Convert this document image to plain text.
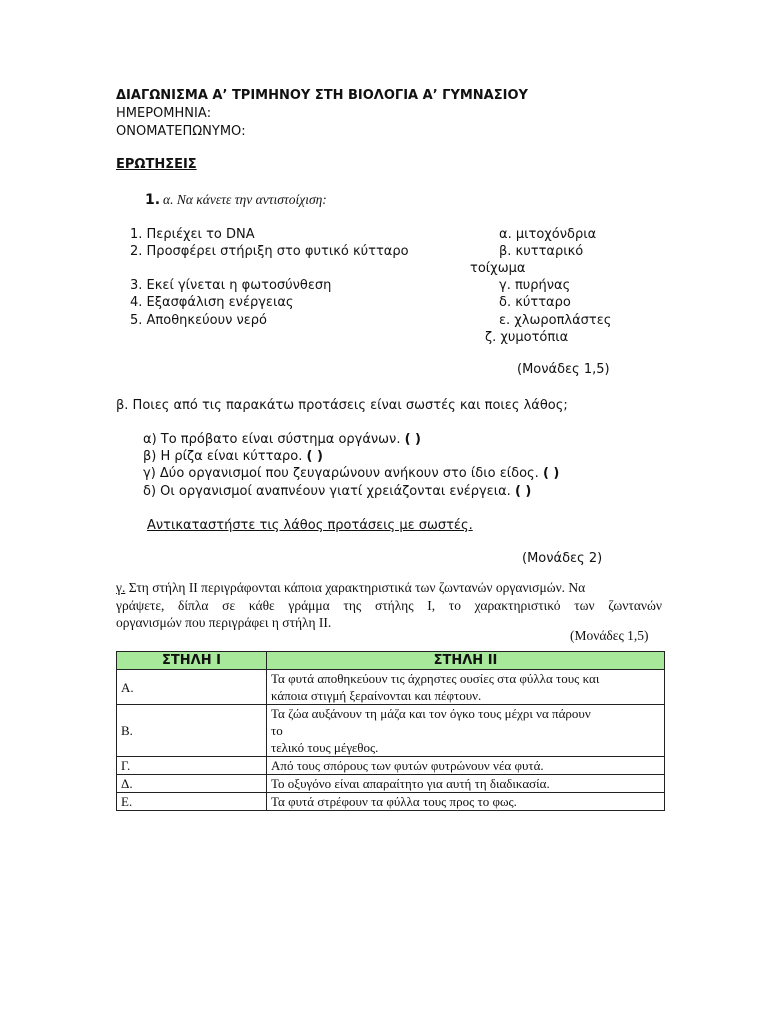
ΔΙΑΓΩΝΙΣΜΑ Α’ ΤΡΙΜΗΝΟΥ ΣΤΗ ΒΙΟΛΟΓΙΑ Α’ ΓΥΜΝΑΣΙΟΥ
ΗΜΕΡΟΜΗΝΙΑ:
ΟΝΟΜΑΤΕΠΩΝΥΜΟ:
ΕΡΩΤΗΣΕΙΣ
1. α. Να κάνετε την αντιστοίχιση:
1. Περιέχει το DNA
2. Προσφέρει στήριξη στο φυτικό κύτταρο
3. Εκεί γίνεται η φωτοσύνθεση
4. Εξασφάλιση ενέργειας
5. Αποθηκεύουν νερό
α. μιτοχόνδρια
β. κυτταρικό
τοίχωμα
γ. πυρήνας
δ. κύτταρο
ε. χλωροπλάστες
ζ. χυμοτόπια
(Μονάδες 1,5)
β. Ποιες από τις παρακάτω προτάσεις είναι σωστές και ποιες λάθος;
α) Το πρόβατο είναι σύστημα οργάνων. ( )
β) Η ρίζα είναι κύτταρο. ( )
γ) Δύο οργανισμοί που ζευγαρώνουν ανήκουν στο ίδιο είδος. ( )
δ) Οι οργανισμοί αναπνέουν γιατί χρειάζονται ενέργεια. ( )
Αντικαταστήστε τις λάθος προτάσεις με σωστές.
(Μονάδες 2)
γ. Στη στήλη ΙΙ περιγράφονται κάποια χαρακτηριστικά των ζωντανών οργανισμών. Να
γράψετε, δίπλα σε κάθε γράμμα της στήλης Ι, το χαρακτηριστικό των ζωντανών
οργανισμών που περιγράφει η στήλη ΙΙ.
(Μονάδες 1,5)
ΣΤΗΛΗ Ι	ΣΤΗΛΗ ΙΙ
Α.	Τα φυτά αποθηκεύουν τις άχρηστες ουσίες στα φύλλα τους και
κάποια στιγμή ξεραίνονται και πέφτουν.

Β.	Τα ζώα αυξάνουν τη μάζα και τον όγκο τους μέχρι να πάρουν
το
τελικό τους μέγεθος.

Γ.	Από τους σπόρους των φυτών φυτρώνουν νέα φυτά.
Δ.	Το οξυγόνο είναι απαραίτητο για αυτή τη διαδικασία.
Ε.	Τα φυτά στρέφουν τα φύλλα τους προς το φως.
